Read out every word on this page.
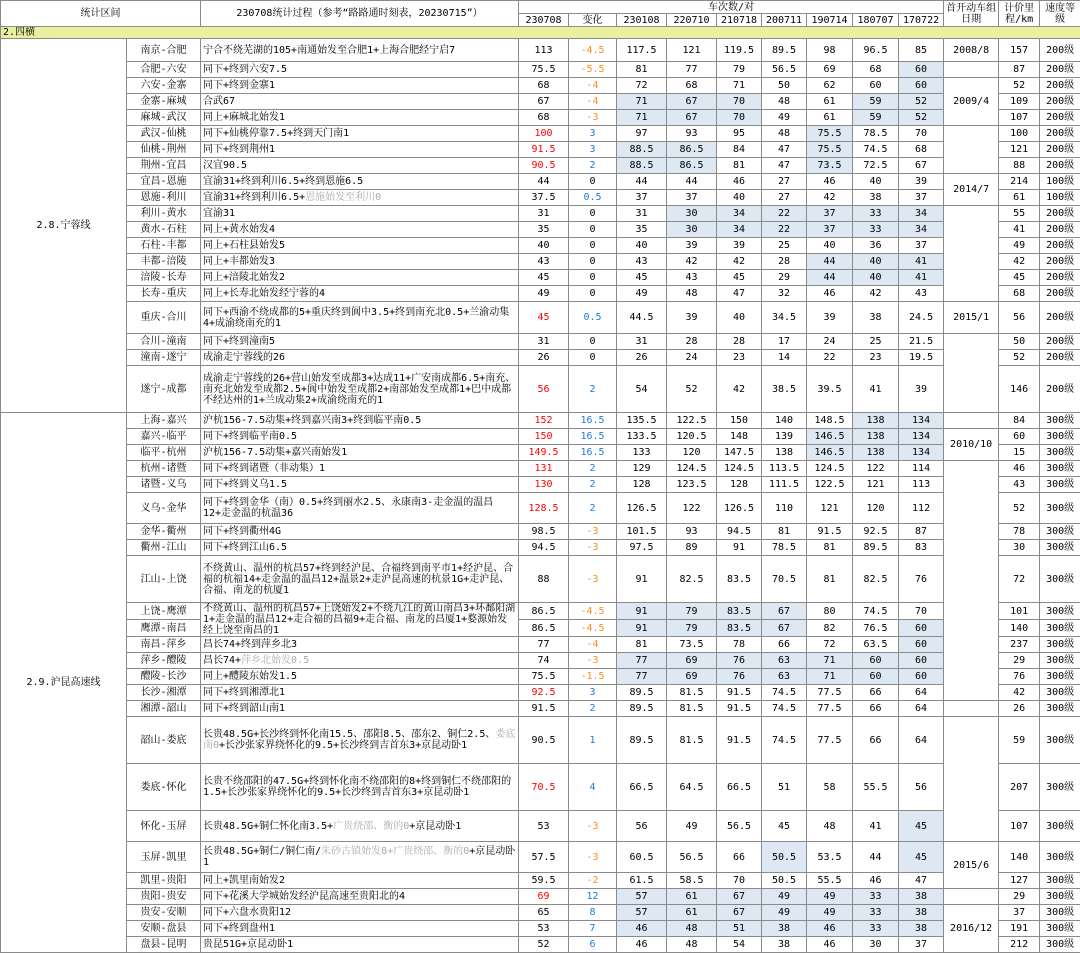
统计区间		230708统计过程（参考“路路通时刻表，20230715”）	车次数/对									首开动车组日期	计价里程/km	速度等级
			230708	变化	230108	220710	210718	200711	190714	180707	170722			
2.四横														
2.8.宁蓉线	南京-合肥	宁合不绕芜湖的105+南通始发至合肥1+上海合肥经宁启7	113	-4.5	117.5	121	119.5	89.5	98	96.5	85	2008/8	157	200级
	合肥-六安	同下+终到六安7.5	75.5	-5.5	81	77	79	56.5	69	68	60		87	200级
	六安-金寨	同下+终到金寨1	68	-4	72	68	71	50	62	60	60	2009/4	52	200级
	金寨-麻城	合武67	67	-4	71	67	70	48	61	59	52		109	200级
	麻城-武汉	同上+麻城北始发1	68	-3	71	67	70	49	61	59	52		107	200级
	武汉-仙桃	同下+仙桃停靠7.5+终到天门南1	100	3	97	93	95	48	75.5	78.5	70		100	200级
	仙桃-荆州	同下+终到荆州1	91.5	3	88.5	86.5	84	47	75.5	74.5	68		121	200级
	荆州-宜昌	汉宜90.5	90.5	2	88.5	86.5	81	47	73.5	72.5	67		88	200级
	宜昌-恩施	宜渝31+终到利川6.5+终到恩施6.5	44	0	44	44	46	27	46	40	39	2014/7	214	100级
	恩施-利川	宜渝31+终到利川6.5+恩施始发至利川0	37.5	0.5	37	37	40	27	42	38	37		61	100级
	利川-黄水	宜渝31	31	0	31	30	34	22	37	33	34		55	200级
	黄水-石柱	同上+黄水始发4	35	0	35	30	34	22	37	33	34		41	200级
	石柱-丰都	同上+石柱县始发5	40	0	40	39	39	25	40	36	37		49	200级
	丰都-涪陵	同上+丰都始发3	43	0	43	42	42	28	44	40	41		42	200级
	涪陵-长寿	同上+涪陵北始发2	45	0	45	43	45	29	44	40	41		45	200级
	长寿-重庆	同上+长寿北始发经宁蓉的4	49	0	49	48	47	32	46	42	43		68	200级
	重庆-合川	同下+西渝不绕成都的5+重庆终到阆中3.5+终到南充北0.5+兰渝动集4+成渝绕南充的1	45	0.5	44.5	39	40	34.5	39	38	24.5	2015/1	56	200级
	合川-潼南	同下+终到潼南5	31	0	31	28	28	17	24	25	21.5		50	200级
	潼南-遂宁	成渝走宁蓉线的26	26	0	26	24	23	14	22	23	19.5		52	200级
	遂宁-成都	成渝走宁蓉线的26+营山始发至成都3+达成11+广安南成都6.5+南充、南充北始发至成都2.5+阆中始发至成都2+南部始发至成都1+巴中成都不经达州的1+兰成动集2+成渝绕南充的1	56	2	54	52	42	38.5	39.5	41	39		146	200级
2.9.沪昆高速线	上海-嘉兴	沪杭156-7.5动集+终到嘉兴南3+终到临平南0.5	152	16.5	135.5	122.5	150	140	148.5	138	134		84	300级
	嘉兴-临平	同下+终到临平南0.5	150	16.5	133.5	120.5	148	139	146.5	138	134	2010/10	60	300级
	临平-杭州	沪杭156-7.5动集+嘉兴南始发1	149.5	16.5	133	120	147.5	138	146.5	138	134		15	300级
	杭州-诸暨	同下+终到诸暨（非动集）1	131	2	129	124.5	124.5	113.5	124.5	122	114		46	300级
	诸暨-义乌	同下+终到义乌1.5	130	2	128	123.5	128	111.5	122.5	121	113		43	300级
	义乌-金华	同下+终到金华（南）0.5+终到丽水2.5、永康南3-走金温的温昌12+走金温的杭温36	128.5	2	126.5	122	126.5	110	121	120	112		52	300级
	金华-衢州	同下+终到衢州4G	98.5	-3	101.5	93	94.5	81	91.5	92.5	87		78	300级
	衢州-江山	同下+终到江山6.5	94.5	-3	97.5	89	91	78.5	81	89.5	83		30	300级
	江山-上饶	不绕黄山、温州的杭昌57+终到经沪昆、合福终到南平市1+经沪昆、合福的杭福14+走金温的温昌12+温景2+走沪昆高速的杭景1G+走沪昆、合福、南龙的杭厦1	88	-3	91	82.5	83.5	70.5	81	82.5	76		72	300级
	上饶-鹰潭	不绕黄山、温州的杭昌57+上饶始发2+不绕九江的黄山南昌3+环鄱阳湖1+走金温的温昌12+走合福的昌福9+走合福、南龙的昌厦1+婺源始发经上饶至南昌的1	86.5	-4.5	91	79	83.5	67	80	74.5	70		101	300级
	鹰潭-南昌		86.5	-4.5	91	79	83.5	67	82	76.5	60		140	300级
	南昌-萍乡	昌长74+终到萍乡北3	77	-4	81	73.5	78	66	72	63.5	60		237	300级
	萍乡-醴陵	昌长74+萍乡北始发0.5	74	-3	77	69	76	63	71	60	60		29	300级
	醴陵-长沙	同上+醴陵东始发1.5	75.5	-1.5	77	69	76	63	71	60	60		76	300级
	长沙-湘潭	同下+终到湘潭北1	92.5	3	89.5	81.5	91.5	74.5	77.5	66	64		42	300级
	湘潭-韶山	同下+终到韶山南1	91.5	2	89.5	81.5	91.5	74.5	77.5	66	64		26	300级
	韶山-娄底	长贵48.5G+长沙终到怀化南15.5、邵阳8.5、邵东2、铜仁2.5、娄底南0+长沙张家界绕怀化的9.5+长沙终到吉首东3+京昆动卧1	90.5	1	89.5	81.5	91.5	74.5	77.5	66	64		59	300级
	娄底-怀化	长贵不绕邵阳的47.5G+终到怀化南不绕邵阳的8+终到铜仁不绕邵阳的1.5+长沙张家界绕怀化的9.5+长沙终到吉首东3+京昆动卧1	70.5	4	66.5	64.5	66.5	51	58	55.5	56		207	300级
	怀化-玉屏	长贵48.5G+铜仁怀化南3.5+广贵绕邵、衡的0+京昆动卧1	53	-3	56	49	56.5	45	48	41	45		107	300级
	玉屏-凯里	长贵48.5G+铜仁/铜仁南/朱砂古镇始发8+广贵绕邵、衡的0+京昆动卧1	57.5	-3	60.5	56.5	66	50.5	53.5	44	45	2015/6	140	300级
	凯里-贵阳	同上+凯里南始发2	59.5	-2	61.5	58.5	70	50.5	55.5	46	47		127	300级
	贵阳-贵安	同下+花溪大学城始发经沪昆高速至贵阳北的4	69	12	57	61	67	49	49	33	38		29	300级
	贵安-安顺	同下+六盘水贵阳12	65	8	57	61	67	49	49	33	38	2016/12	37	300级
	安顺-盘县	同下+终到盘州1	53	7	46	48	51	38	46	33	38		191	300级
	盘县-昆明	贵昆51G+京昆动卧1	52	6	46	48	54	38	46	30	37		212	300级
